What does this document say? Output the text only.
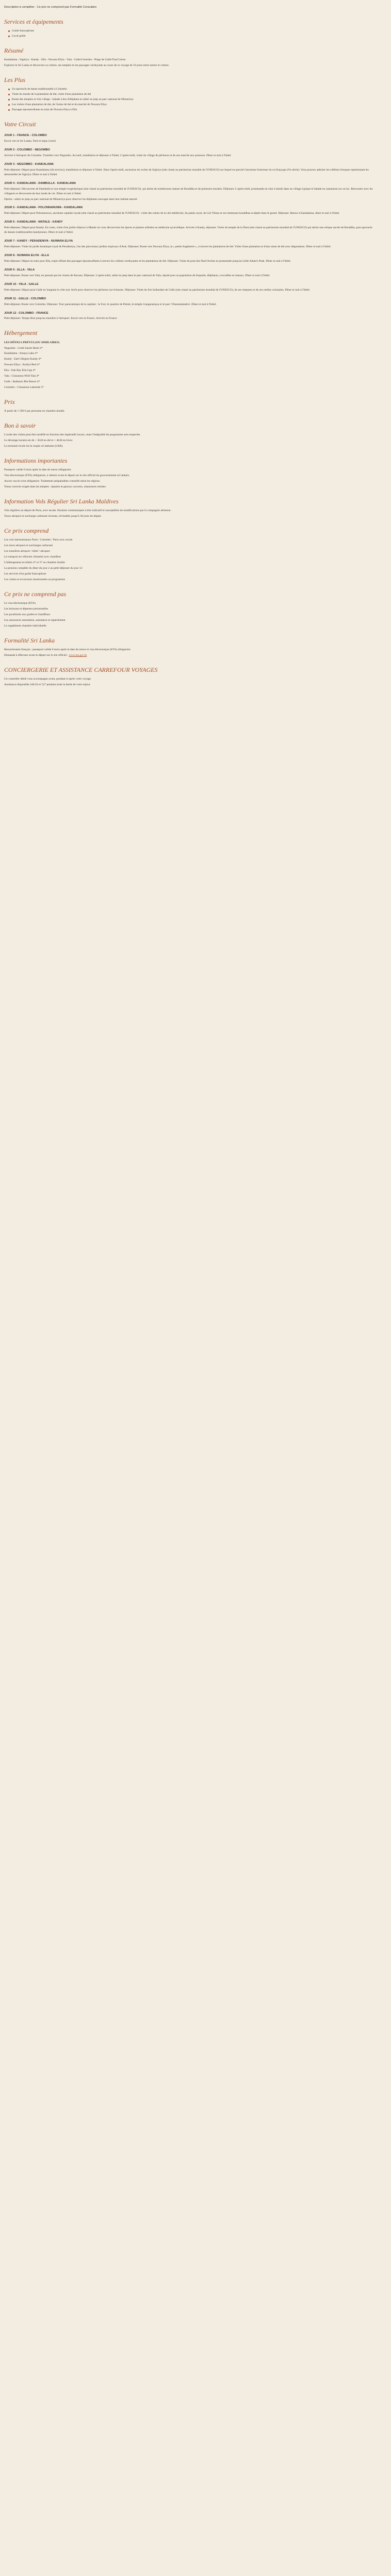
Description à compléter - Ce prix ne comprend pas Formalité Consulaire

Services et équipements
Guide francophone
Local guide
Résumé

Kandalama - Sigiriya - Kandy - Ella - Nuwara Eliya - Yala - Galle/Colombo - Plage de Galle/Tisa/Colom

Explorez le Sri Lanka et découvrez sa culture, ses temples et ses paysages verdoyants au cours de ce voyage de 10 jours entre nature et culture.

Les Plus
Un spectacle de danse traditionnelle à Colombo
Visite du musée de la plantation de thé, visite d'une plantation de thé
Route des temples et d'un village - balade à dos d'éléphant et safari en jeep au parc national de Minneriya
Les visites d'une plantation de thé, de l'usine de thé et du marché de Nuwara Eliya
Paysages époustouflants en train de Nuwara Eliya à Ella
Votre Circuit

JOUR 1 - FRANCE - COLOMBO

Envol vers le Sri Lanka. Nuit et repas à bord.

JOUR 2 - COLOMBO - NEGOMBO

Arrivée à l'aéroport de Colombo. Transfert vers Negombo. Accueil, installation et déjeuner à l'hôtel. L'après-midi, visite du village de pêcheurs et de son marché aux poissons. Dîner et nuit à l'hôtel.

JOUR 3 - NEGOMBO - KANDALAMA

Petit-déjeuner. Départ pour Kandalama (4h environ), installation et déjeuner à l'hôtel. Dans l'après-midi, ascension du rocher de Sigiriya (site classé au patrimoine mondial de l'UNESCO) sur lequel est perché l'ancienne forteresse du roi Kasyapa (Ve siècle). Vous pourrez admirer les célèbres fresques représentant les demoiselles de Sigiriya. Dîner et nuit à l'hôtel.

JOUR 4 - KANDALAMA - DAMBULLA - KANDALAMA

Petit-déjeuner. Découverte de Dambulla et son temple troglodytique (site classé au patrimoine mondial de l'UNESCO), qui abrite de nombreuses statues de Bouddha et de peintures murales. Déjeuner. L'après-midi, promenade en char à bœufs dans un village typique et balade en catamaran sur un lac. Rencontre avec les villageois et découverte de leur mode de vie. Dîner et nuit à l'hôtel.

Option : safari en jeep au parc national de Minneriya pour observer les éléphants sauvages dans leur habitat naturel.

JOUR 5 - KANDALAMA - POLONNARUWA - KANDALAMA

Petit-déjeuner. Départ pour Polonnaruwa, ancienne capitale royale (site classé au patrimoine mondial de l'UNESCO) : visite des ruines de la cité médiévale, du palais royal, du Gal Vihara et ses immenses bouddhas sculptés dans le granit. Déjeuner. Retour à Kandalama, dîner et nuit à l'hôtel.

JOUR 6 - KANDALAMA - MATALE - KANDY

Petit-déjeuner. Départ pour Kandy. En route, visite d'un jardin d'épices à Matale où vous découvrirez les épices et plantes utilisées en médecine ayurvédique. Arrivée à Kandy, déjeuner. Visite du temple de la Dent (site classé au patrimoine mondial de l'UNESCO) qui abrite une relique sacrée de Bouddha, puis spectacle de danses traditionnelles kandyennes. Dîner et nuit à l'hôtel.

JOUR 7 - KANDY - PERADENIYA - NUWARA ELIYA

Petit-déjeuner. Visite du jardin botanique royal de Peradeniya, l'un des plus beaux jardins tropicaux d'Asie. Déjeuner. Route vers Nuwara Eliya, la « petite Angleterre », à travers les plantations de thé. Visite d'une plantation et d'une usine de thé avec dégustation. Dîner et nuit à l'hôtel.

JOUR 8 - NUWARA ELIYA - ELLA

Petit-déjeuner. Départ en train pour Ella, trajet offrant des paysages époustouflants à travers les collines verdoyantes et les plantations de thé. Déjeuner. Visite du pont des Neuf Arches et promenade jusqu'au Little Adam's Peak. Dîner et nuit à l'hôtel.

JOUR 9 - ELLA - YALA

Petit-déjeuner. Route vers Yala, en passant par les chutes de Ravana. Déjeuner. L'après-midi, safari en jeep dans le parc national de Yala, réputé pour sa population de léopards, éléphants, crocodiles et oiseaux. Dîner et nuit à l'hôtel.

JOUR 10 - YALA - GALLE

Petit-déjeuner. Départ pour Galle en longeant la côte sud. Arrêt pour observer les pêcheurs sur échasses. Déjeuner. Visite du fort hollandais de Galle (site classé au patrimoine mondial de l'UNESCO), de ses remparts et de ses ruelles coloniales. Dîner et nuit à l'hôtel.

JOUR 11 - GALLE - COLOMBO

Petit-déjeuner. Route vers Colombo. Déjeuner. Tour panoramique de la capitale : le Fort, le quartier de Pettah, le temple Gangaramaya et le parc Viharamahadevi. Dîner et nuit à l'hôtel.

JOUR 12 - COLOMBO - FRANCE

Petit-déjeuner. Temps libre jusqu'au transfert à l'aéroport. Envol vers la France. Arrivée en France.

Hébergement

LES HÔTELS PRÉVUS (OU SIMILAIRES)

Negombo : Goldi Sands Hotel 4*

Kandalama : Amaya Lake 4*

Kandy : Earl's Regent Kandy 4*

Nuwara Eliya : Araliya Red 4*

Ella : Oak Ray Ella Gap 4*

Yala : Cinnamon Wild Yala 4*

Galle : Radisson Blu Resort 4*

Colombo : Cinnamon Lakeside 5*

Prix

À partir de 1 590 € par personne en chambre double.

Bon à savoir

L'ordre des visites peut être modifié en fonction des impératifs locaux, mais l'intégralité du programme sera respectée.

Le décalage horaire est de + 3h30 en été et + 4h30 en hiver.

La monnaie locale est la roupie sri lankaise (LKR).

Informations importantes

Passeport valide 6 mois après la date de retour obligatoire.

Visa électronique (ETA) obligatoire, à obtenir avant le départ sur le site officiel du gouvernement sri lankais.

Aucun vaccin n'est obligatoire. Traitement antipaludéen conseillé selon les régions.

Tenue correcte exigée dans les temples : épaules et genoux couverts, chaussures retirées.

Information Vols Régulier Sri Lanka Maldives

Vols réguliers au départ de Paris, avec escale. Horaires communiqués à titre indicatif et susceptibles de modifications par la compagnie aérienne.

Taxes aéroport et surcharge carburant incluses, révisables jusqu'à 30 jours du départ.

Ce prix comprend

Les vols internationaux Paris / Colombo / Paris avec escale

Les taxes aéroport et surcharges carburant

Les transferts aéroport / hôtel / aéroport

Le transport en véhicule climatisé avec chauffeur

L'hébergement en hôtels 4* et 5* en chambre double

La pension complète du dîner du jour 2 au petit-déjeuner du jour 12

Les services d'un guide francophone

Les visites et excursions mentionnées au programme

Ce prix ne comprend pas

Le visa électronique (ETA)

Les boissons et dépenses personnelles

Les pourboires aux guides et chauffeurs

Les assurances annulation, assistance et rapatriement

Le supplément chambre individuelle

Formalité Sri Lanka

Ressortissants français : passeport valide 6 mois après la date de retour et visa électronique (ETA) obligatoire.

Demande à effectuer avant le départ sur le site officiel : www.eta.gov.lk

CONCIERGERIE ET ASSISTANCE CARREFOUR VOYAGES

Un conseiller dédié vous accompagne avant, pendant et après votre voyage.

Assistance disponible 24h/24 et 7j/7 pendant toute la durée de votre séjour.
